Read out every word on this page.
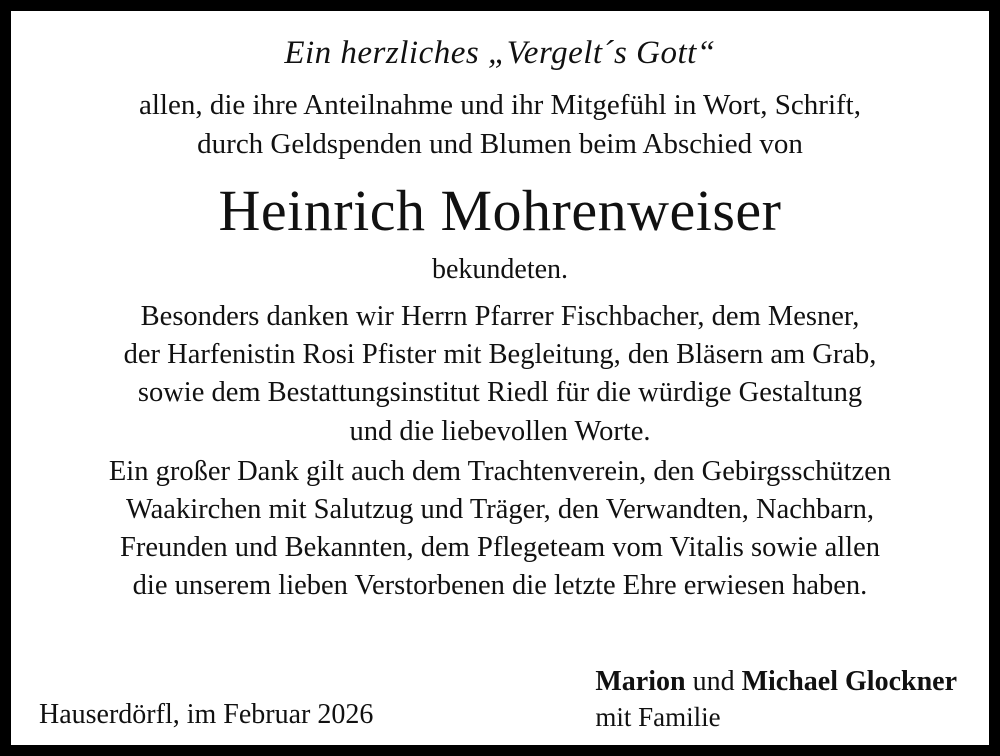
Ein herzliches „Vergelt´s Gott“
allen, die ihre Anteilnahme und ihr Mitgefühl in Wort, Schrift,
durch Geldspenden und Blumen beim Abschied von
Heinrich Mohrenweiser
bekundeten.

Besonders danken wir Herrn Pfarrer Fischbacher, dem Mesner,

der Harfenistin Rosi Pfister mit Begleitung, den Bläsern am Grab,

sowie dem Bestattungsinstitut Riedl für die würdige Gestaltung

und die liebevollen Worte.

Ein großer Dank gilt auch dem Trachtenverein, den Gebirgsschützen

Waakirchen mit Salutzug und Träger, den Verwandten, Nachbarn,

Freunden und Bekannten, dem Pflegeteam vom Vitalis sowie allen

die unserem lieben Verstorbenen die letzte Ehre erwiesen haben.

Hauserdörfl, im Februar 2026
Marion und Michael Glockner
mit Familie
